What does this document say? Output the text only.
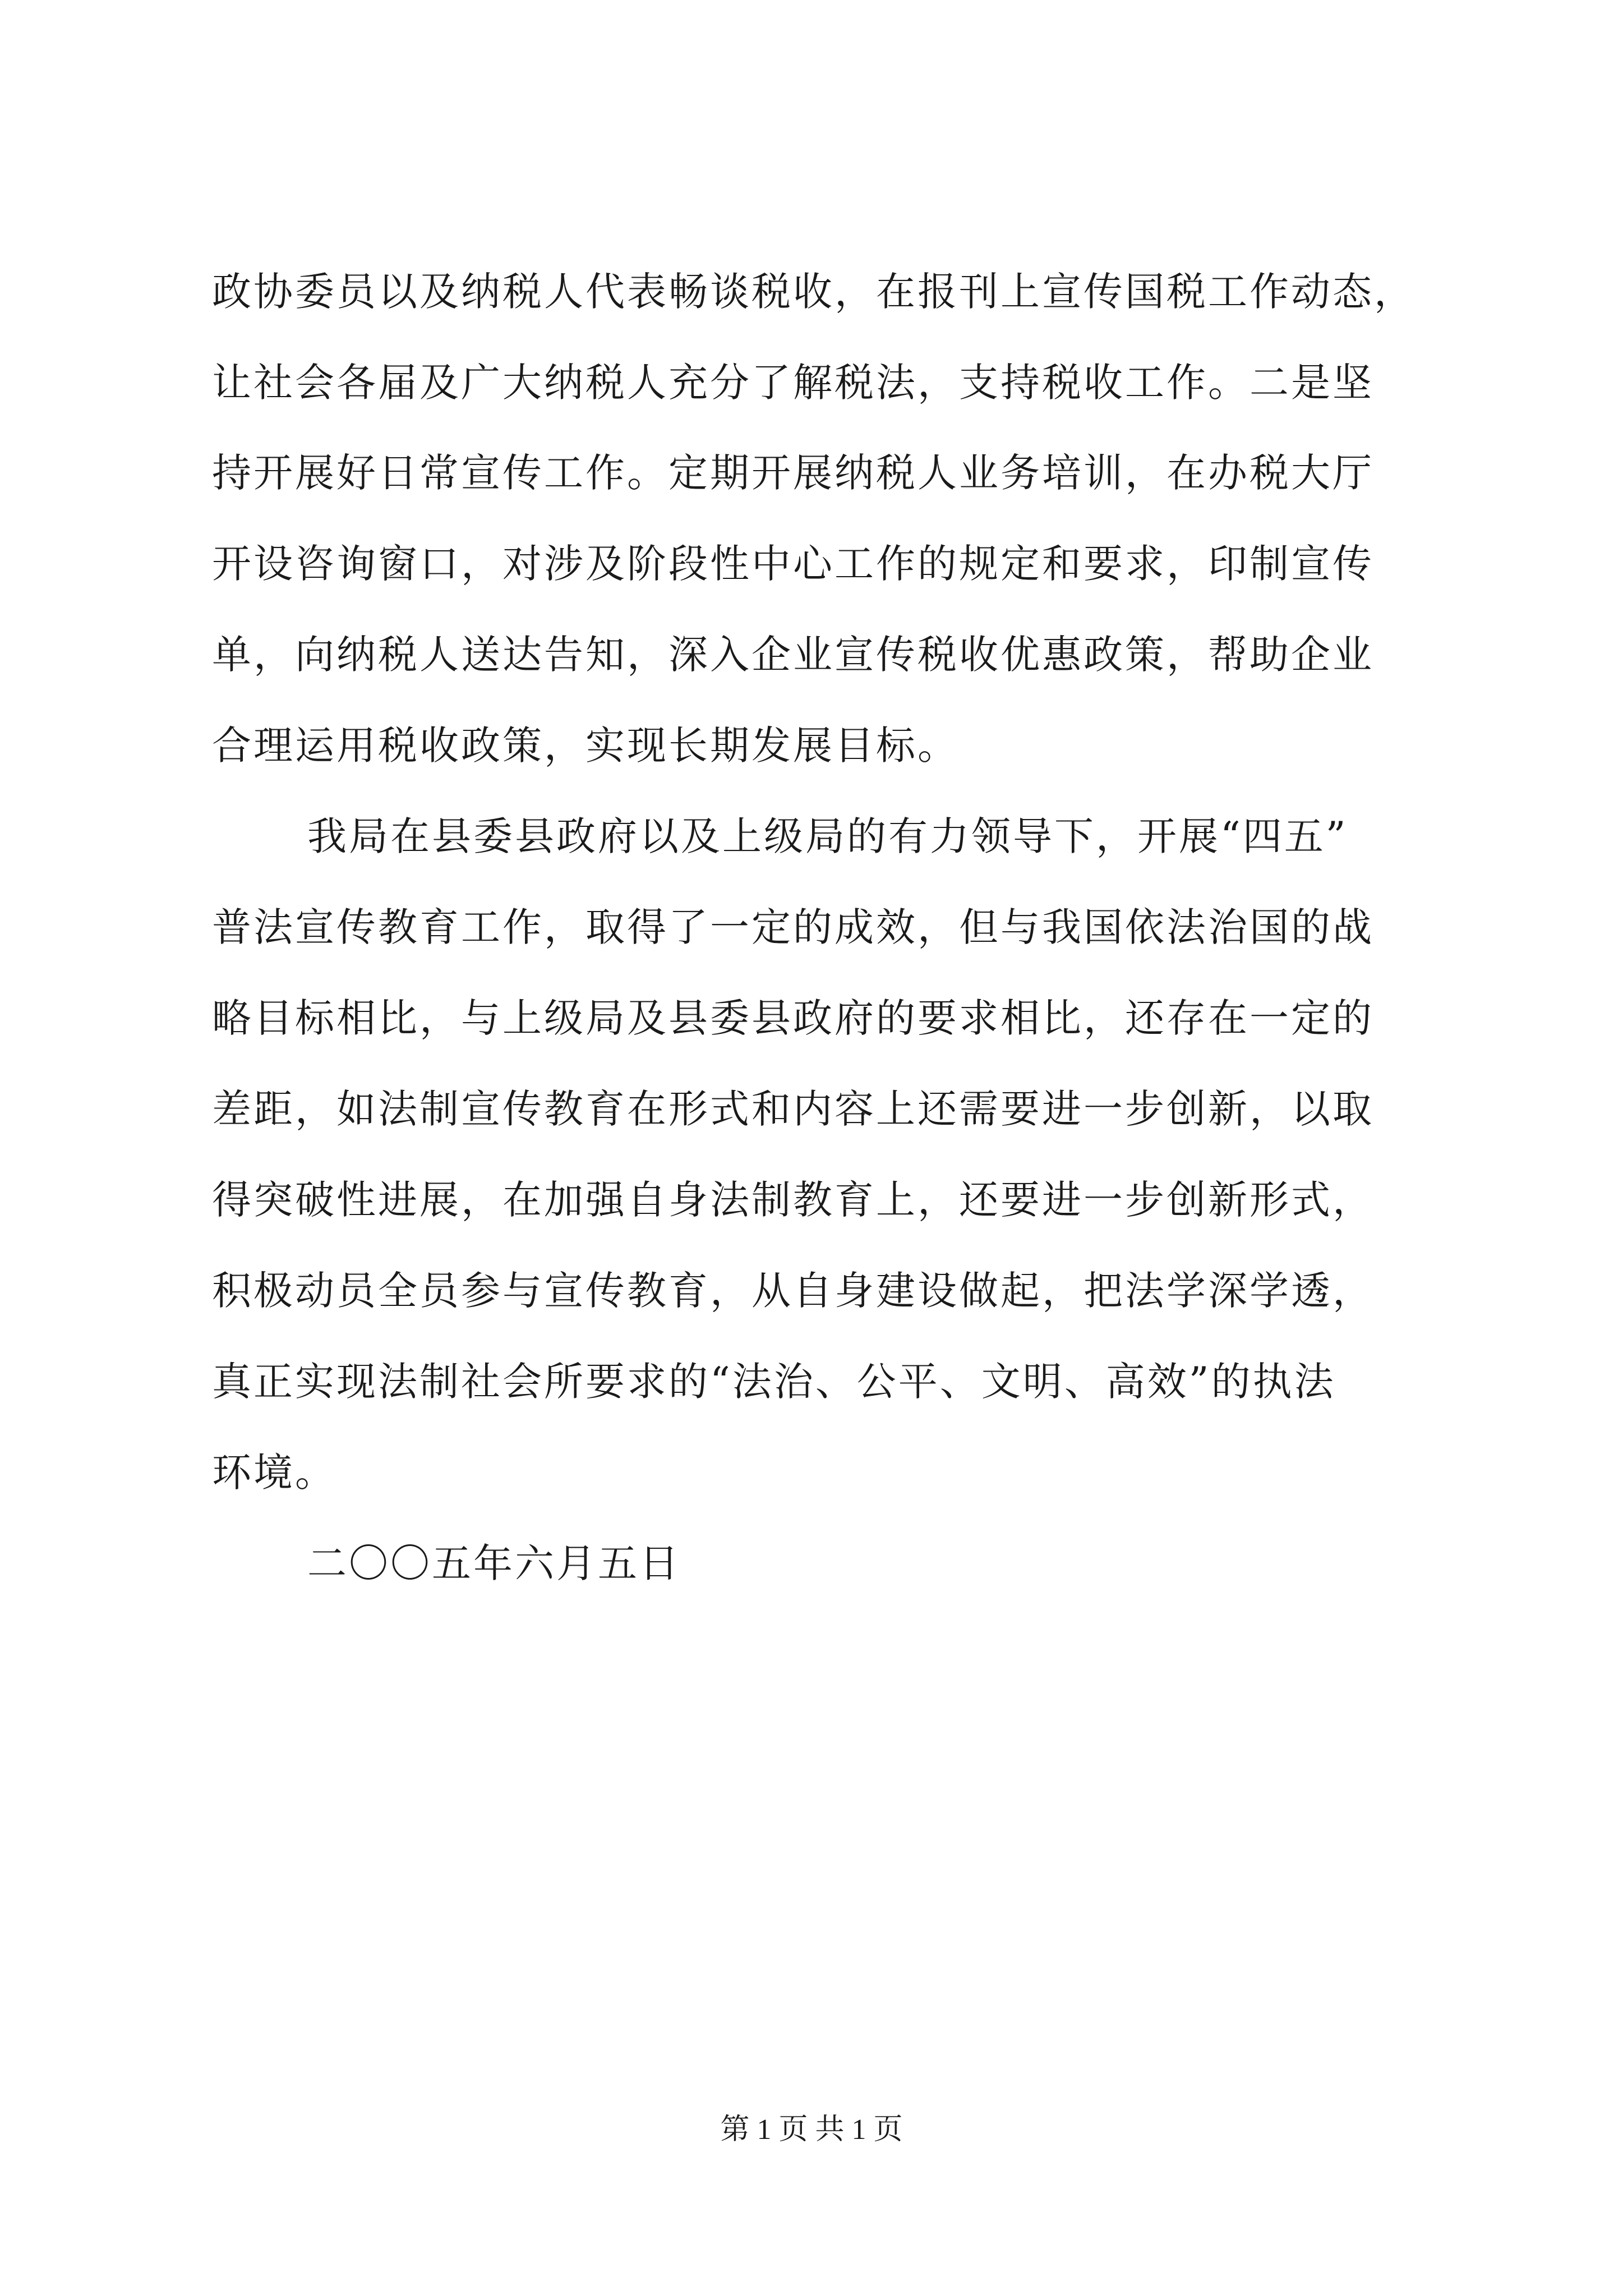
政协委员以及纳税人代表畅谈税收，在报刊上宣传国税工作动态，
让社会各届及广大纳税人充分了解税法，支持税收工作。二是坚
持开展好日常宣传工作。定期开展纳税人业务培训，在办税大厅
开设咨询窗口，对涉及阶段性中心工作的规定和要求，印制宣传
单，向纳税人送达告知，深入企业宣传税收优惠政策，帮助企业
合理运用税收政策，实现长期发展目标。
我局在县委县政府以及上级局的有力领导下，开展“四五”
普法宣传教育工作，取得了一定的成效，但与我国依法治国的战
略目标相比，与上级局及县委县政府的要求相比，还存在一定的
差距，如法制宣传教育在形式和内容上还需要进一步创新，以取
得突破性进展，在加强自身法制教育上，还要进一步创新形式，
积极动员全员参与宣传教育，从自身建设做起，把法学深学透，
真正实现法制社会所要求的“法治、公平、文明、高效”的执法
环境。
二〇〇五年六月五日
第 1 页 共 1 页
